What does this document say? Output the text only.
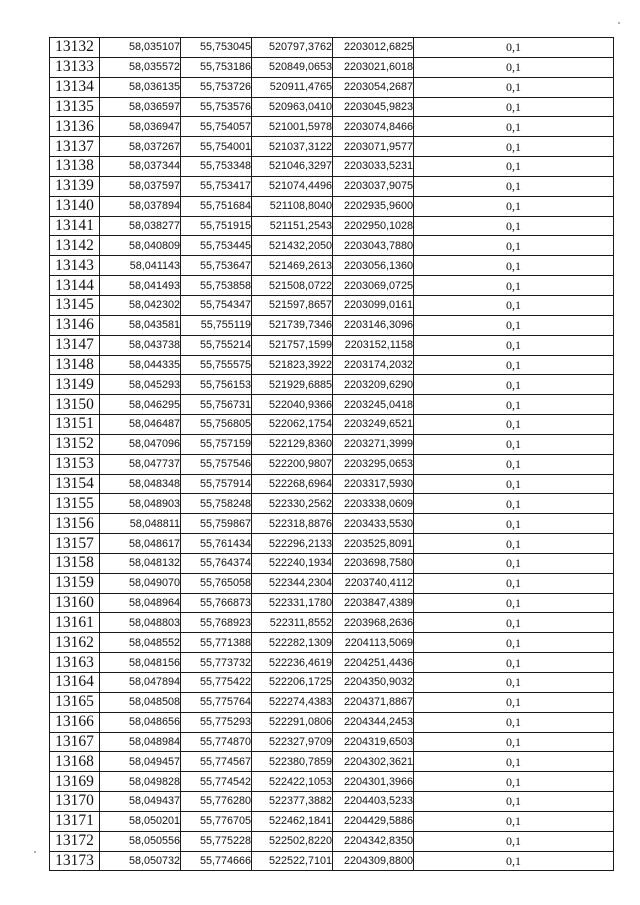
13132	58,035107	55,753045	520797,3762	2203012,6825	0,1
13133	58,035572	55,753186	520849,0653	2203021,6018	0,1
13134	58,036135	55,753726	520911,4765	2203054,2687	0,1
13135	58,036597	55,753576	520963,0410	2203045,9823	0,1
13136	58,036947	55,754057	521001,5978	2203074,8466	0,1
13137	58,037267	55,754001	521037,3122	2203071,9577	0,1
13138	58,037344	55,753348	521046,3297	2203033,5231	0,1
13139	58,037597	55,753417	521074,4496	2203037,9075	0,1
13140	58,037894	55,751684	521108,8040	2202935,9600	0,1
13141	58,038277	55,751915	521151,2543	2202950,1028	0,1
13142	58,040809	55,753445	521432,2050	2203043,7880	0,1
13143	58,041143	55,753647	521469,2613	2203056,1360	0,1
13144	58,041493	55,753858	521508,0722	2203069,0725	0,1
13145	58,042302	55,754347	521597,8657	2203099,0161	0,1
13146	58,043581	55,755119	521739,7346	2203146,3096	0,1
13147	58,043738	55,755214	521757,1599	2203152,1158	0,1
13148	58,044335	55,755575	521823,3922	2203174,2032	0,1
13149	58,045293	55,756153	521929,6885	2203209,6290	0,1
13150	58,046295	55,756731	522040,9366	2203245,0418	0,1
13151	58,046487	55,756805	522062,1754	2203249,6521	0,1
13152	58,047096	55,757159	522129,8360	2203271,3999	0,1
13153	58,047737	55,757546	522200,9807	2203295,0653	0,1
13154	58,048348	55,757914	522268,6964	2203317,5930	0,1
13155	58,048903	55,758248	522330,2562	2203338,0609	0,1
13156	58,048811	55,759867	522318,8876	2203433,5530	0,1
13157	58,048617	55,761434	522296,2133	2203525,8091	0,1
13158	58,048132	55,764374	522240,1934	2203698,7580	0,1
13159	58,049070	55,765058	522344,2304	2203740,4112	0,1
13160	58,048964	55,766873	522331,1780	2203847,4389	0,1
13161	58,048803	55,768923	522311,8552	2203968,2636	0,1
13162	58,048552	55,771388	522282,1309	2204113,5069	0,1
13163	58,048156	55,773732	522236,4619	2204251,4436	0,1
13164	58,047894	55,775422	522206,1725	2204350,9032	0,1
13165	58,048508	55,775764	522274,4383	2204371,8867	0,1
13166	58,048656	55,775293	522291,0806	2204344,2453	0,1
13167	58,048984	55,774870	522327,9709	2204319,6503	0,1
13168	58,049457	55,774567	522380,7859	2204302,3621	0,1
13169	58,049828	55,774542	522422,1053	2204301,3966	0,1
13170	58,049437	55,776280	522377,3882	2204403,5233	0,1
13171	58,050201	55,776705	522462,1841	2204429,5886	0,1
13172	58,050556	55,775228	522502,8220	2204342,8350	0,1
13173	58,050732	55,774666	522522,7101	2204309,8800	0,1
